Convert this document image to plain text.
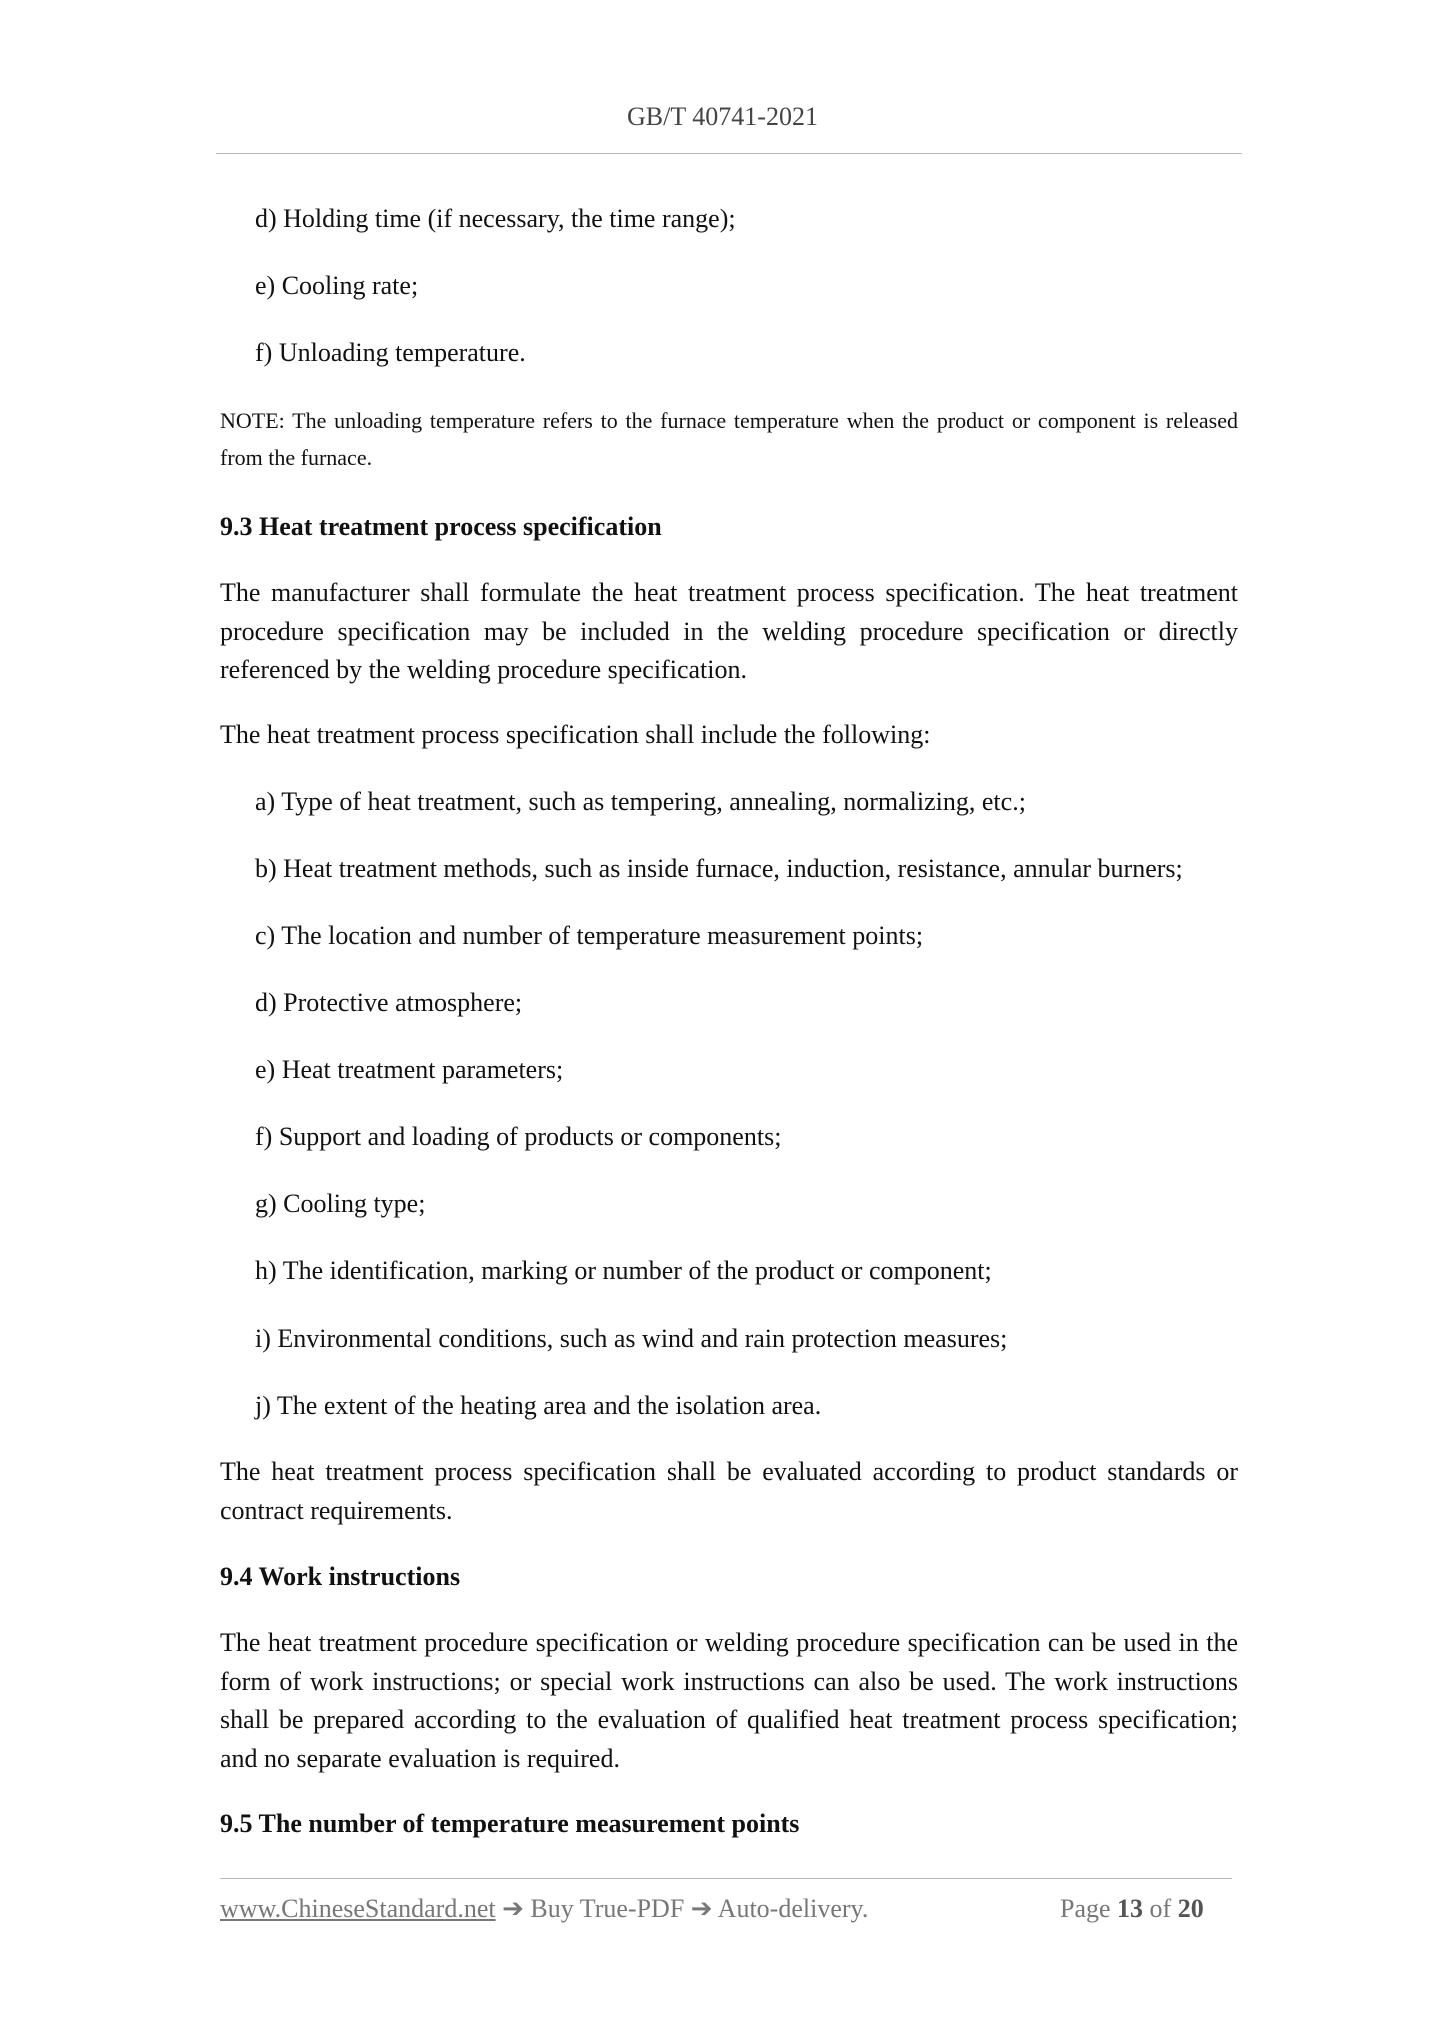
GB/T 40741-2021
d) Holding time (if necessary, the time range);
e) Cooling rate;
f) Unloading temperature.
NOTE: The unloading temperature refers to the furnace temperature when the product or component is released from the furnace.
9.3 Heat treatment process specification
The manufacturer shall formulate the heat treatment process specification. The heat treatment procedure specification may be included in the welding procedure specification or directly referenced by the welding procedure specification.
The heat treatment process specification shall include the following:
a) Type of heat treatment, such as tempering, annealing, normalizing, etc.;
b) Heat treatment methods, such as inside furnace, induction, resistance, annular burners;
c) The location and number of temperature measurement points;
d) Protective atmosphere;
e) Heat treatment parameters;
f) Support and loading of products or components;
g) Cooling type;
h) The identification, marking or number of the product or component;
i) Environmental conditions, such as wind and rain protection measures;
j) The extent of the heating area and the isolation area.
The heat treatment process specification shall be evaluated according to product standards or contract requirements.
9.4 Work instructions
The heat treatment procedure specification or welding procedure specification can be used in the form of work instructions; or special work instructions can also be used. The work instructions shall be prepared according to the evaluation of qualified heat treatment process specification; and no separate evaluation is required.
9.5 The number of temperature measurement points
www.ChineseStandard.net ➔ Buy True-PDF ➔ Auto-delivery.	Page 13 of 20
